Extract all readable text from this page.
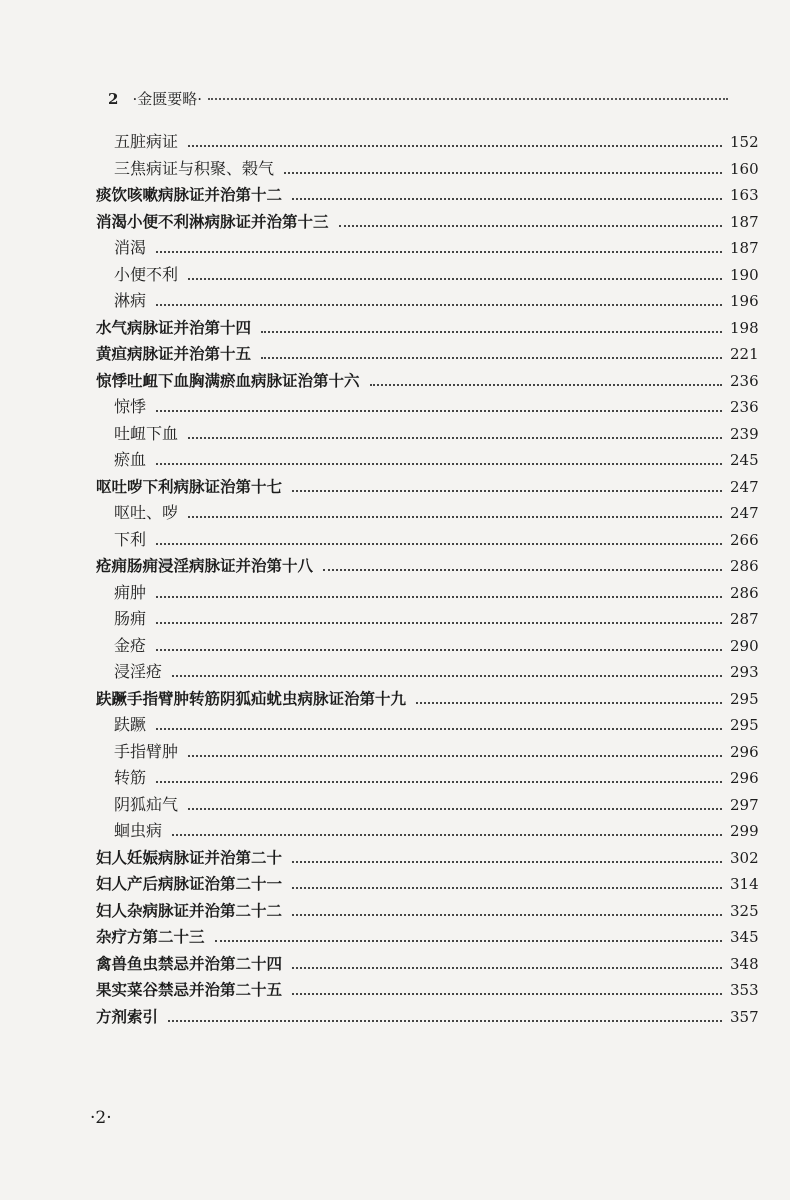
2 ·金匮要略·
五脏病证	152
三焦病证与积聚、榖气	160
痰饮咳嗽病脉证并治第十二	163
消渴小便不利淋病脉证并治第十三	187
消渴	187
小便不利	190
淋病	196
水气病脉证并治第十四	198
黄疸病脉证并治第十五	221
惊悸吐衄下血胸满瘀血病脉证治第十六	236
惊悸	236
吐衄下血	239
瘀血	245
呕吐哕下利病脉证治第十七	247
呕吐、哕	247
下利	266
疮痈肠痈浸淫病脉证并治第十八	286
痈肿	286
肠痈	287
金疮	290
浸淫疮	293
趺蹶手指臂肿转筋阴狐疝蚘虫病脉证治第十九	295
趺蹶	295
手指臂肿	296
转筋	296
阴狐疝气	297
蛔虫病	299
妇人妊娠病脉证并治第二十	302
妇人产后病脉证治第二十一	314
妇人杂病脉证并治第二十二	325
杂疗方第二十三	345
禽兽鱼虫禁忌并治第二十四	348
果实菜谷禁忌并治第二十五	353
方剂索引	357
·2·
